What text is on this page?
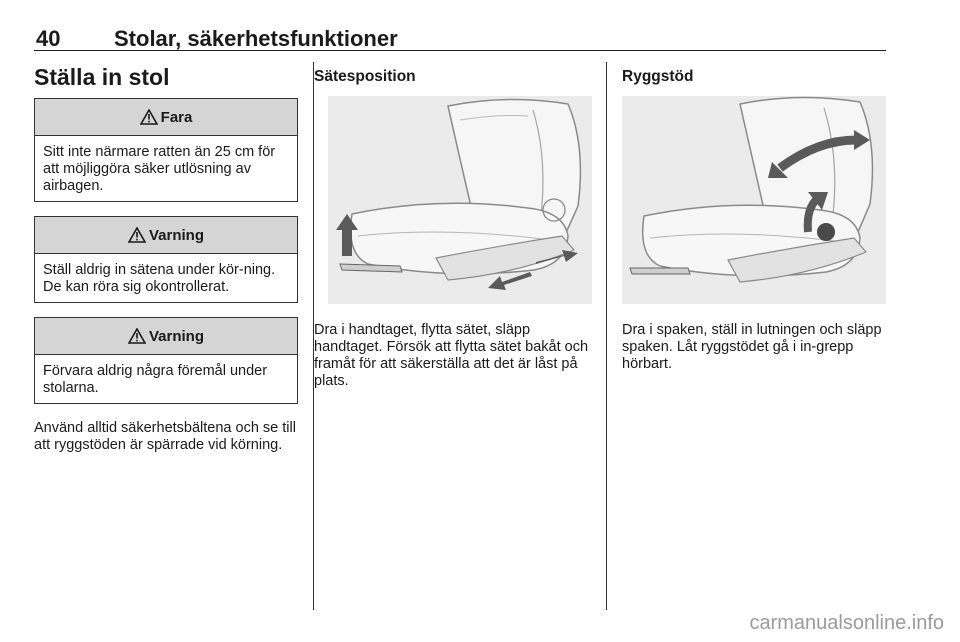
40 Stolar, säkerhetsfunktioner
Ställa in stol
Fara
Sitt inte närmare ratten än 25 cm för att möjliggöra säker utlösning av airbagen.
Varning
Ställ aldrig in sätena under kör‑ning. De kan röra sig okontrollerat.
Varning
Förvara aldrig några föremål under stolarna.
Använd alltid säkerhetsbältena och se till att ryggstöden är spärrade vid körning.
Sätesposition
Dra i handtaget, flytta sätet, släpp handtaget. Försök att flytta sätet bakåt och framåt för att säkerställa att det är låst på plats.
Ryggstöd
Dra i spaken, ställ in lutningen och släpp spaken. Låt ryggstödet gå i in‑grepp hörbart.
carmanualsonline.info
